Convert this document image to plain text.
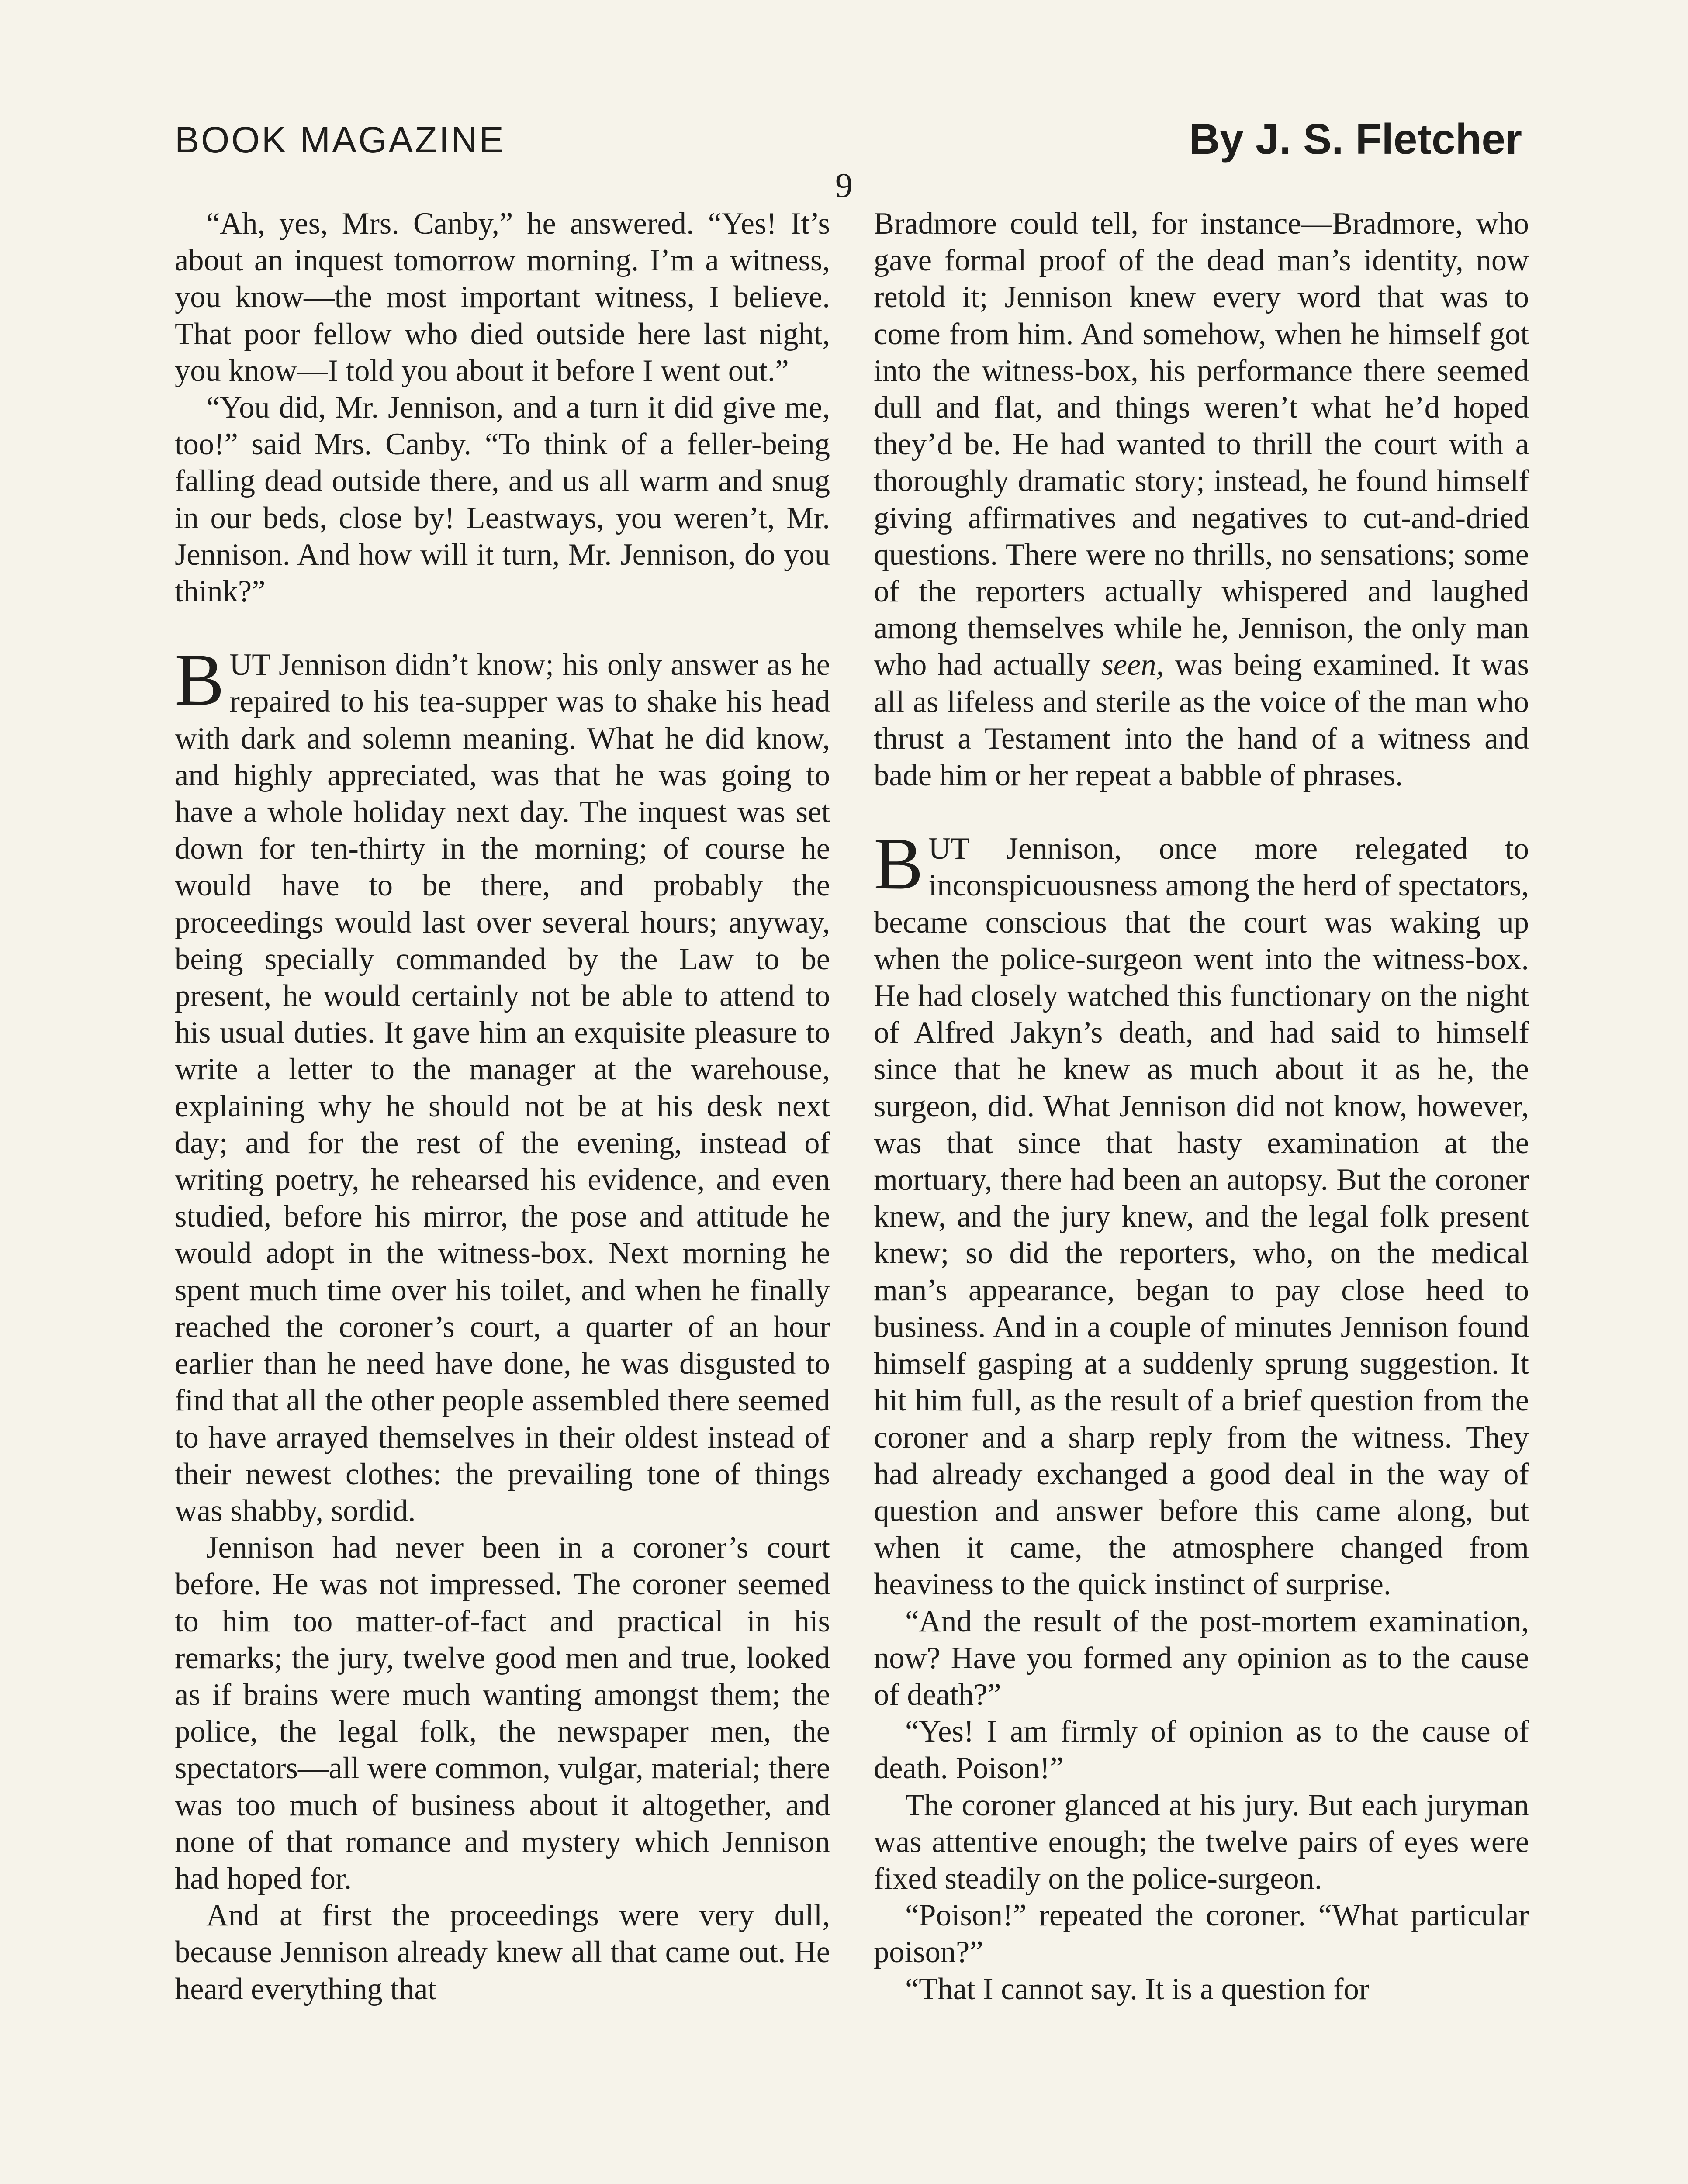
BOOK MAGAZINE	By J. S. Fletcher
9

“Ah, yes, Mrs. Canby,” he answered. “Yes! It’s about an inquest tomorrow morning. I’m a witness, you know—the most important witness, I believe. That poor fellow who died outside here last night, you know—I told you about it before I went out.”

“You did, Mr. Jennison, and a turn it did give me, too!” said Mrs. Canby. “To think of a feller-being falling dead outside there, and us all warm and snug in our beds, close by! Leastways, you weren’t, Mr. Jennison. And how will it turn, Mr. Jennison, do you think?”

BUT Jennison didn’t know; his only answer as he repaired to his tea-supper was to shake his head with dark and solemn meaning. What he did know, and highly appreciated, was that he was going to have a whole holiday next day. The inquest was set down for ten-thirty in the morning; of course he would have to be there, and probably the proceedings would last over several hours; anyway, being specially commanded by the Law to be present, he would certainly not be able to attend to his usual duties. It gave him an exquisite pleasure to write a letter to the manager at the warehouse, explaining why he should not be at his desk next day; and for the rest of the evening, instead of writing poetry, he rehearsed his evidence, and even studied, before his mirror, the pose and attitude he would adopt in the witness-box. Next morning he spent much time over his toilet, and when he finally reached the coroner’s court, a quarter of an hour earlier than he need have done, he was disgusted to find that all the other people assembled there seemed to have arrayed themselves in their oldest instead of their newest clothes: the prevailing tone of things was shabby, sordid.

Jennison had never been in a coroner’s court before. He was not impressed. The coroner seemed to him too matter-of-fact and practical in his remarks; the jury, twelve good men and true, looked as if brains were much wanting amongst them; the police, the legal folk, the newspaper men, the spectators—all were common, vulgar, material; there was too much of business about it altogether, and none of that romance and mystery which Jennison had hoped for.

And at first the proceedings were very dull, because Jennison already knew all that came out. He heard everything that

Bradmore could tell, for instance—Bradmore, who gave formal proof of the dead man’s identity, now retold it; Jennison knew every word that was to come from him. And somehow, when he himself got into the witness-box, his performance there seemed dull and flat, and things weren’t what he’d hoped they’d be. He had wanted to thrill the court with a thoroughly dramatic story; instead, he found himself giving affirmatives and negatives to cut-and-dried questions. There were no thrills, no sensations; some of the reporters actually whispered and laughed among themselves while he, Jennison, the only man who had actually seen, was being examined. It was all as lifeless and sterile as the voice of the man who thrust a Testament into the hand of a witness and bade him or her repeat a babble of phrases.

BUT Jennison, once more relegated to inconspicuousness among the herd of spectators, became conscious that the court was waking up when the police-surgeon went into the witness-box. He had closely watched this functionary on the night of Alfred Jakyn’s death, and had said to himself since that he knew as much about it as he, the surgeon, did. What Jennison did not know, however, was that since that hasty examination at the mortuary, there had been an autopsy. But the coroner knew, and the jury knew, and the legal folk present knew; so did the reporters, who, on the medical man’s appearance, began to pay close heed to business. And in a couple of minutes Jennison found himself gasping at a suddenly sprung suggestion. It hit him full, as the result of a brief question from the coroner and a sharp reply from the witness. They had already exchanged a good deal in the way of question and answer before this came along, but when it came, the atmosphere changed from heaviness to the quick instinct of surprise.

“And the result of the post-mortem examination, now? Have you formed any opinion as to the cause of death?”

“Yes! I am firmly of opinion as to the cause of death. Poison!”

The coroner glanced at his jury. But each juryman was attentive enough; the twelve pairs of eyes were fixed steadily on the police-surgeon.

“Poison!” repeated the coroner. “What particular poison?”

“That I cannot say. It is a question for
